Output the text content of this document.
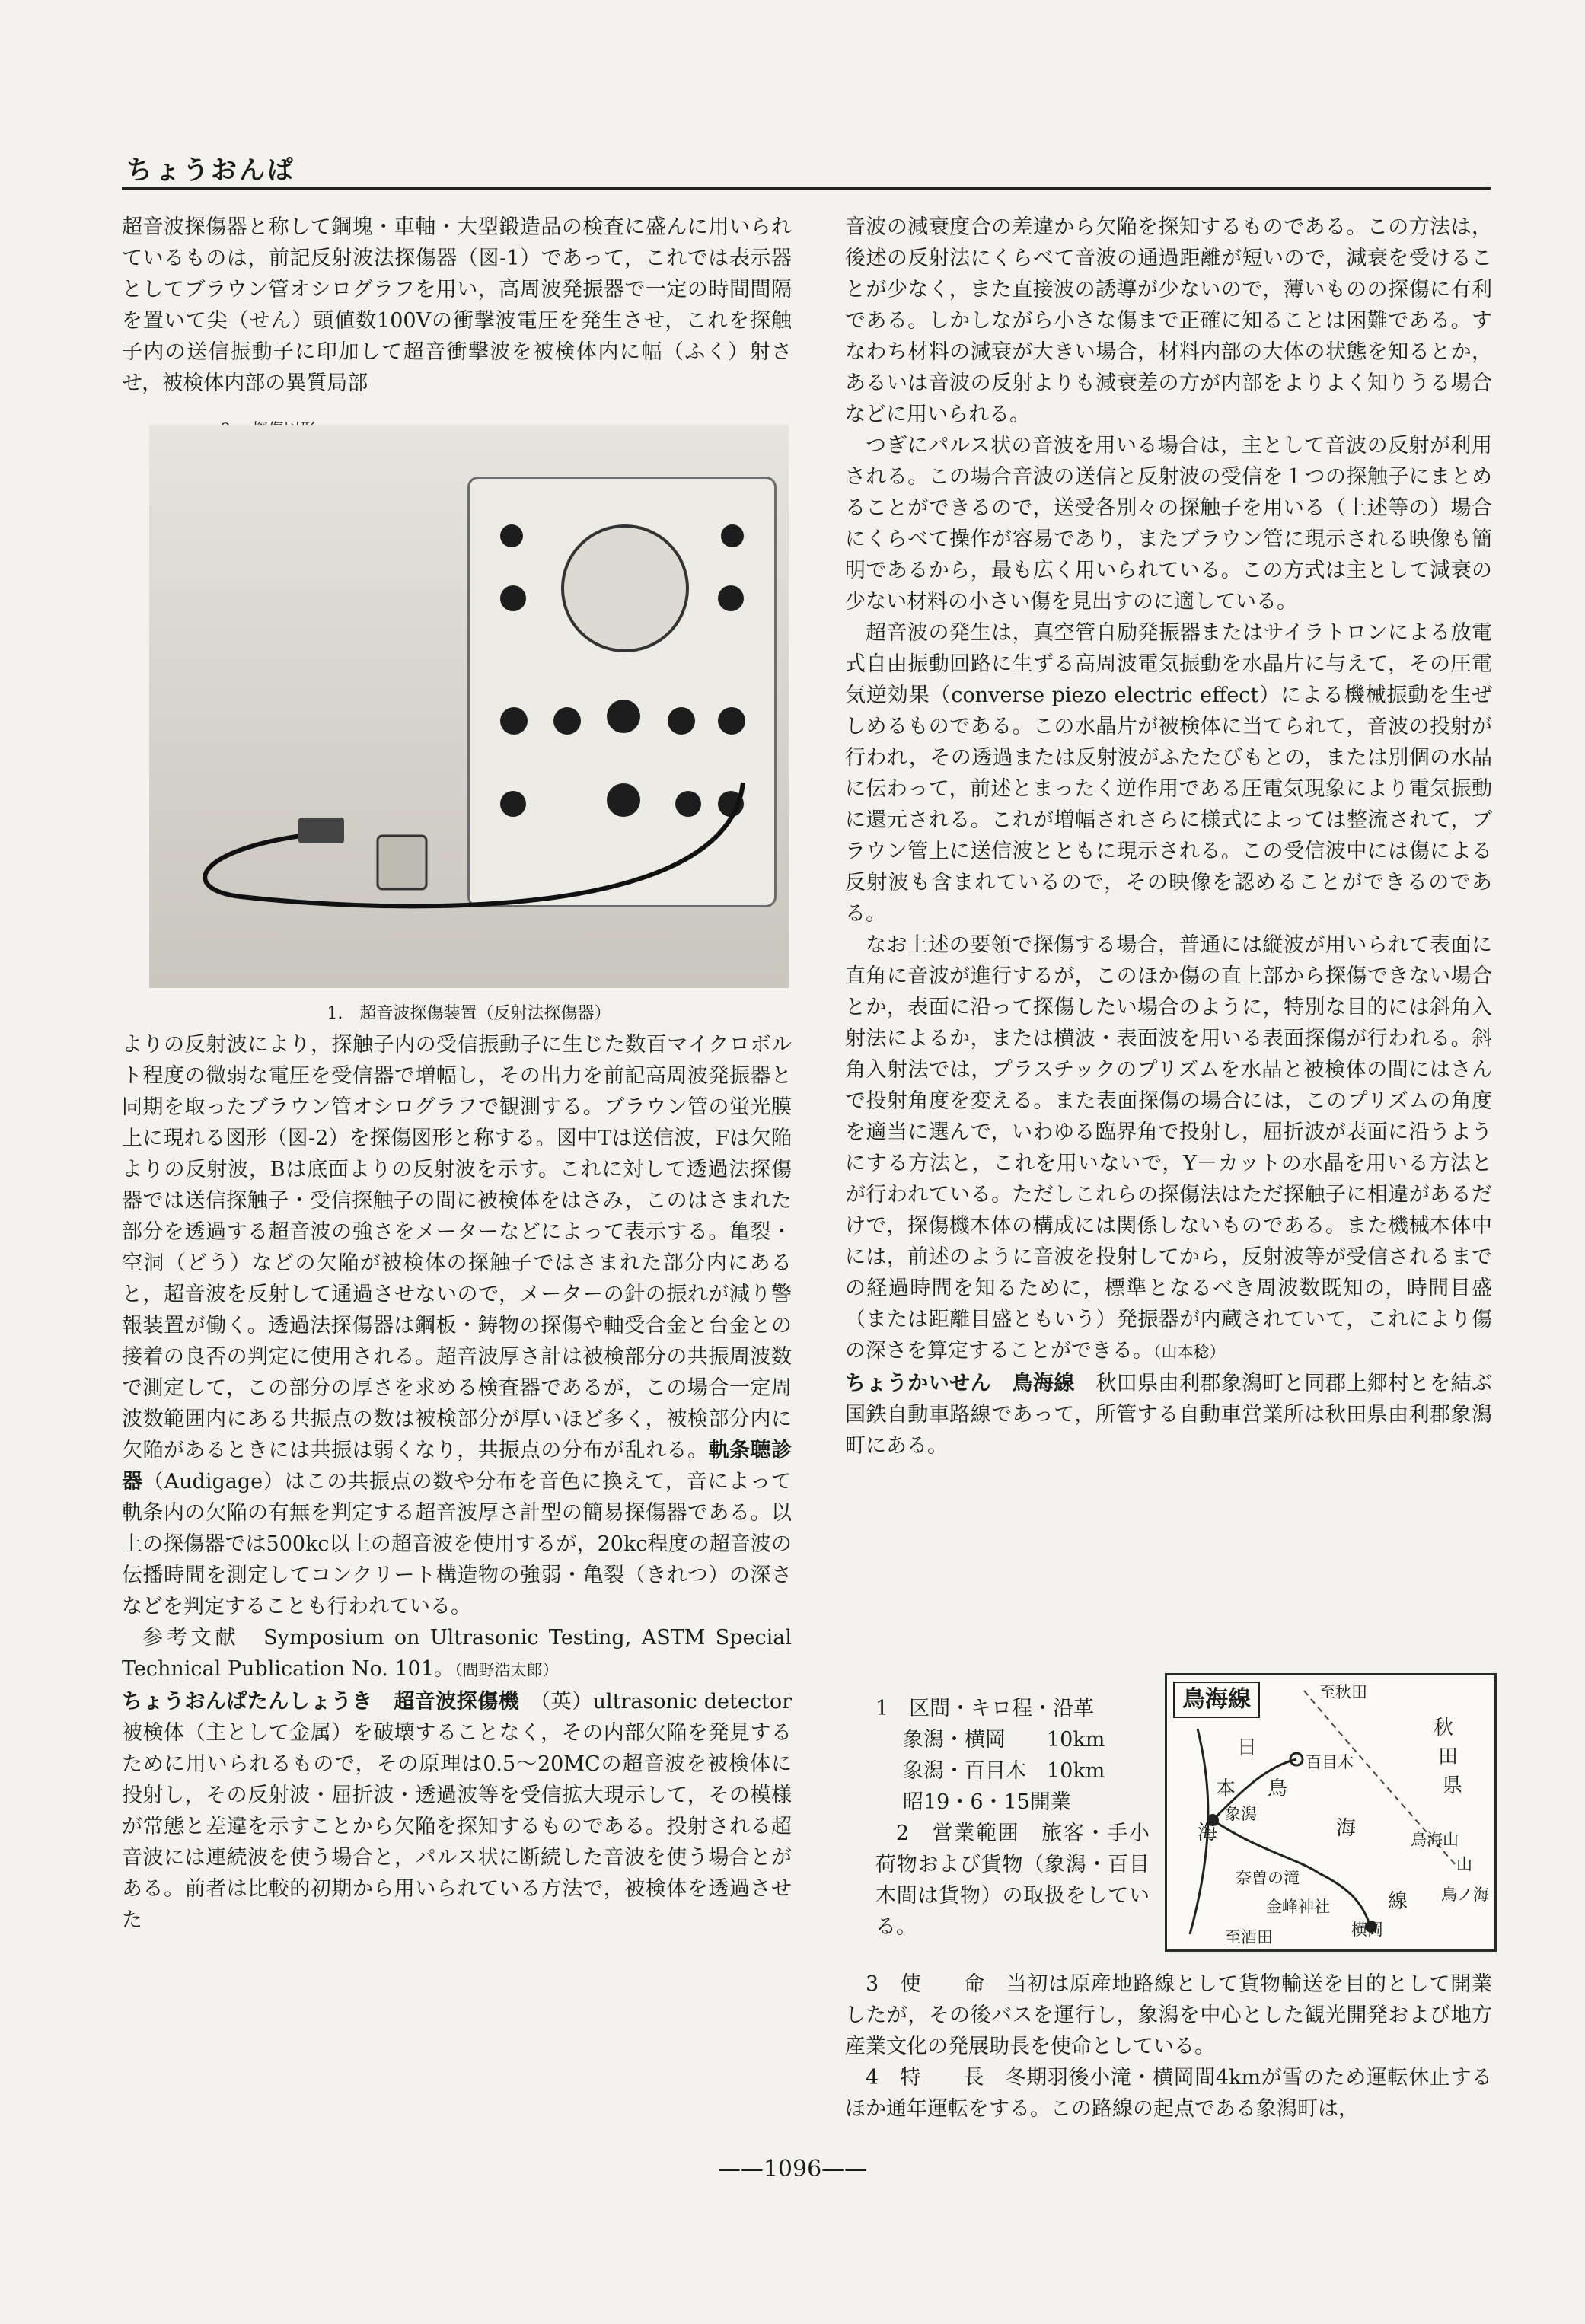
ちょうおんぱ

超音波探傷器と称して鋼塊・車軸・大型鍛造品の検査に盛んに用いられているものは，前記反射波法探傷器（図-1）であって，これでは表示器としてブラウン管オシログラフを用い，高周波発振器で一定の時間間隔を置いて尖（せん）頭値数100Vの衝撃波電圧を発生させ，これを探触子内の送信振動子に印加して超音衝撃波を被検体内に幅（ふく）射させ，被検体内部の異質局部

1.　超音波探傷装置（反射法探傷器）

よりの反射波により，探触子内の受信振動子に生じた数百マイクロボルト程度の微弱な電圧を受信器で増幅し，その出力を前記高周波発振器と同期を取ったブラウン管オシログラフで観測する。ブラウン管の蛍光膜上に現れる図形（図-2）を探傷図形と称する。図中Tは送信波，Fは欠陥よりの反射波，Bは底面よりの反射波を示す。これに対して透過法探傷器では送信探触子・受信探触子の間に被検体をはさみ，このはさまれた部分を透過する超音波の強さをメーターなどによって表示する。亀裂・空洞（どう）などの欠陥が被検体の探触子ではさまれた部分内にあると，超音波を反射して通過させないので，メーターの針の振れが減り警報装置が働く。透過法探傷器は鋼板・鋳物の探傷や軸受合金と台金との接着の良否の判定に使用される。超音波厚さ計は被検部分の共振周波数で測定して，この部分の厚さを求める検査器であるが，この場合一定周波数範囲内にある共振点の数は被検部分が厚いほど多く，被検部分内に欠陥があるときには共振は弱くなり，共振点の分布が乱れる。軌条聴診器（Audigage）はこの共振点の数や分布を音色に換えて，音によって軌条内の欠陥の有無を判定する超音波厚さ計型の簡易探傷器である。以上の探傷器では500kc以上の超音波を使用するが，20kc程度の超音波の伝播時間を測定してコンクリート構造物の強弱・亀裂（きれつ）の深さなどを判定することも行われている。

参考文献　Symposium on Ultrasonic Testing, ASTM Special Technical Publication No. 101。（間野浩太郎）

ちょうおんぱたんしょうき　超音波探傷機　 （英）ultrasonic detector　被検体（主として金属）を破壊することなく，その内部欠陥を発見するために用いられるもので，その原理は0.5～20MCの超音波を被検体に投射し，その反射波・屈折波・透過波等を受信拡大現示して，その模様が常態と差違を示すことから欠陥を探知するものである。投射される超音波には連続波を使う場合と，パルス状に断続した音波を使う場合とがある。前者は比較的初期から用いられている方法で，被検体を透過させた

音波の減衰度合の差違から欠陥を探知するものである。この方法は，後述の反射法にくらべて音波の通過距離が短いので，減衰を受けることが少なく，また直接波の誘導が少ないので，薄いものの探傷に有利である。しかしながら小さな傷まで正確に知ることは困難である。すなわち材料の減衰が大きい場合，材料内部の大体の状態を知るとか，あるいは音波の反射よりも減衰差の方が内部をよりよく知りうる場合などに用いられる。

つぎにパルス状の音波を用いる場合は，主として音波の反射が利用される。この場合音波の送信と反射波の受信を１つの探触子にまとめることができるので，送受各別々の探触子を用いる（上述等の）場合にくらべて操作が容易であり，またブラウン管に現示される映像も簡明であるから，最も広く用いられている。この方式は主として減衰の少ない材料の小さい傷を見出すのに適している。

超音波の発生は，真空管自励発振器またはサイラトロンによる放電式自由振動回路に生ずる高周波電気振動を水晶片に与えて，その圧電気逆効果（converse piezo electric effect）による機械振動を生ぜしめるものである。この水晶片が被検体に当てられて，音波の投射が行われ，その透過または反射波がふたたびもとの，または別個の水晶に伝わって，前述とまったく逆作用である圧電気現象により電気振動に還元される。これが増幅されさらに様式によっては整流されて，ブラウン管上に送信波とともに現示される。この受信波中には傷による反射波も含まれているので，その映像を認めることができるのである。

なお上述の要領で探傷する場合，普通には縦波が用いられて表面に直角に音波が進行するが，このほか傷の直上部から探傷できない場合とか，表面に沿って探傷したい場合のように，特別な目的には斜角入射法によるか，または横波・表面波を用いる表面探傷が行われる。斜角入射法では，プラスチックのプリズムを水晶と被検体の間にはさんで投射角度を変える。また表面探傷の場合には，このプリズムの角度を適当に選んで，いわゆる臨界角で投射し，屈折波が表面に沿うようにする方法と，これを用いないで，Y－カットの水晶を用いる方法とが行われている。ただしこれらの探傷法はただ探触子に相違があるだけで，探傷機本体の構成には関係しないものである。また機械本体中には，前述のように音波を投射してから，反射波等が受信されるまでの経過時間を知るために，標準となるべき周波数既知の，時間目盛（または距離目盛ともいう）発振器が内蔵されていて，これにより傷の深さを算定することができる。（山本稔）

ちょうかいせん　鳥海線　 秋田県由利郡象潟町と同郡上郷村とを結ぶ国鉄自動車路線であって，所管する自動車営業所は秋田県由利郡象潟町にある。

1　区間・キロ程・沿革

象潟・横岡　　10km

象潟・百目木　10km

昭19・6・15開業

2　営業範囲　旅客・手小荷物および貨物（象潟・百目木間は貨物）の取扱をしている。

鳥海線	至秋田
日
本
海
秋
田
県
象潟
百目木
鳥
海
線
横岡
至酒田
鳥海山
奈曽の滝
金峰神社
山
鳥ノ海

3　使　　命　当初は原産地路線として貨物輸送を目的として開業したが，その後バスを運行し，象潟を中心とした観光開発および地方産業文化の発展助長を使命としている。

4　特　　長　冬期羽後小滝・横岡間4kmが雪のため運転休止するほか通年運転をする。この路線の起点である象潟町は，

——1096——
